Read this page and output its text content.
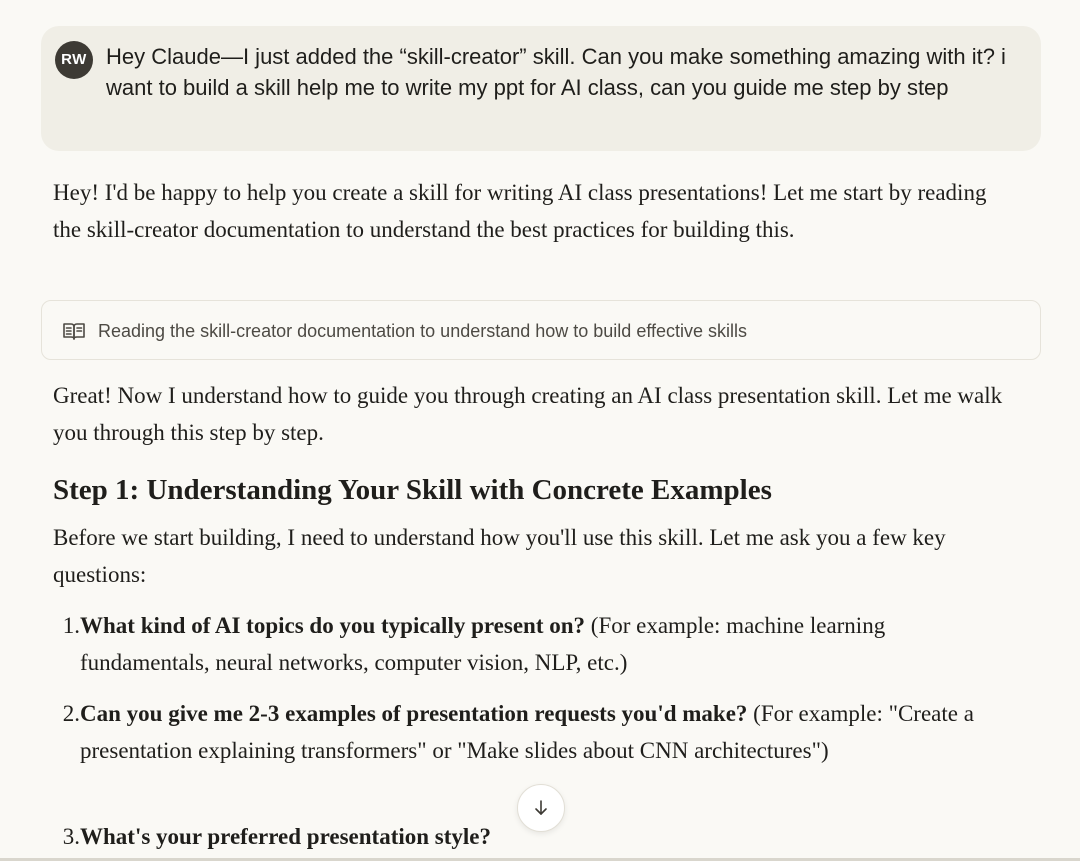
RW Hey Claude—I just added the “skill-creator” skill. Can you make something amazing with it? i want to build a skill help me to write my ppt for AI class, can you guide me step by step
Hey! I'd be happy to help you create a skill for writing AI class presentations! Let me start by reading the skill-creator documentation to understand the best practices for building this.
Reading the skill-creator documentation to understand how to build effective skills
Great! Now I understand how to guide you through creating an AI class presentation skill. Let me walk you through this step by step.
Step 1: Understanding Your Skill with Concrete Examples
Before we start building, I need to understand how you'll use this skill. Let me ask you a few key questions:
1. What kind of AI topics do you typically present on? (For example: machine learning fundamentals, neural networks, computer vision, NLP, etc.)
2. Can you give me 2-3 examples of presentation requests you'd make? (For example: "Create a presentation explaining transformers" or "Make slides about CNN architectures")
3. What's your preferred presentation style?
